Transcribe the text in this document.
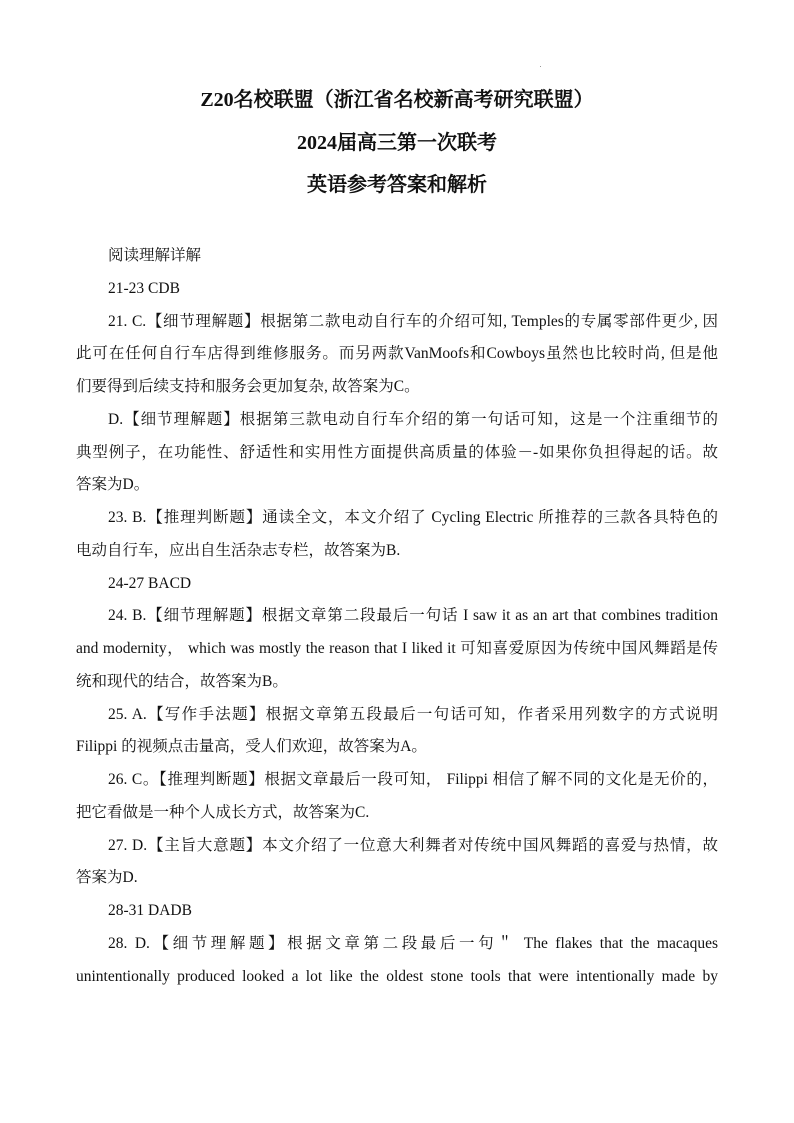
Z20名校联盟（浙江省名校新高考研究联盟）
2024届高三第一次联考
英语参考答案和解析
阅读理解详解
21-23 CDB
21. C.【细节理解题】根据第二款电动自行车的介绍可知, Temples的专属零部件更少, 因
此可在任何自行车店得到维修服务。而另两款VanMoofs和Cowboys虽然也比较时尚, 但是他
们要得到后续支持和服务会更加复杂, 故答案为C。
D.【细节理解题】根据第三款电动自行车介绍的第一句话可知，这是一个注重细节的
典型例子，在功能性、舒适性和实用性方面提供高质量的体验－-如果你负担得起的话。故
答案为D。
23. B.【推理判断题】通读全文，本文介绍了 Cycling Electric 所推荐的三款各具特色的
电动自行车，应出自生活杂志专栏，故答案为B.
24-27 BACD
24. B.【细节理解题】根据文章第二段最后一句话 I saw it as an art that combines tradition
and modernity， which was mostly the reason that I liked it 可知喜爱原因为传统中国风舞蹈是传
统和现代的结合，故答案为B。
25. A.【写作手法题】根据文章第五段最后一句话可知，作者采用列数字的方式说明
Filippi 的视频点击量高，受人们欢迎，故答案为A。
26. C。【推理判断题】根据文章最后一段可知， Filippi 相信了解不同的文化是无价的，
把它看做是一种个人成长方式，故答案为C.
27. D.【主旨大意题】本文介绍了一位意大利舞者对传统中国风舞蹈的喜爱与热情，故
答案为D.
28-31 DADB
28. D.【细节理解题】根据文章第二段最后一句＂ The flakes that the macaques
unintentionally produced looked a lot like the oldest stone tools that were intentionally made by
